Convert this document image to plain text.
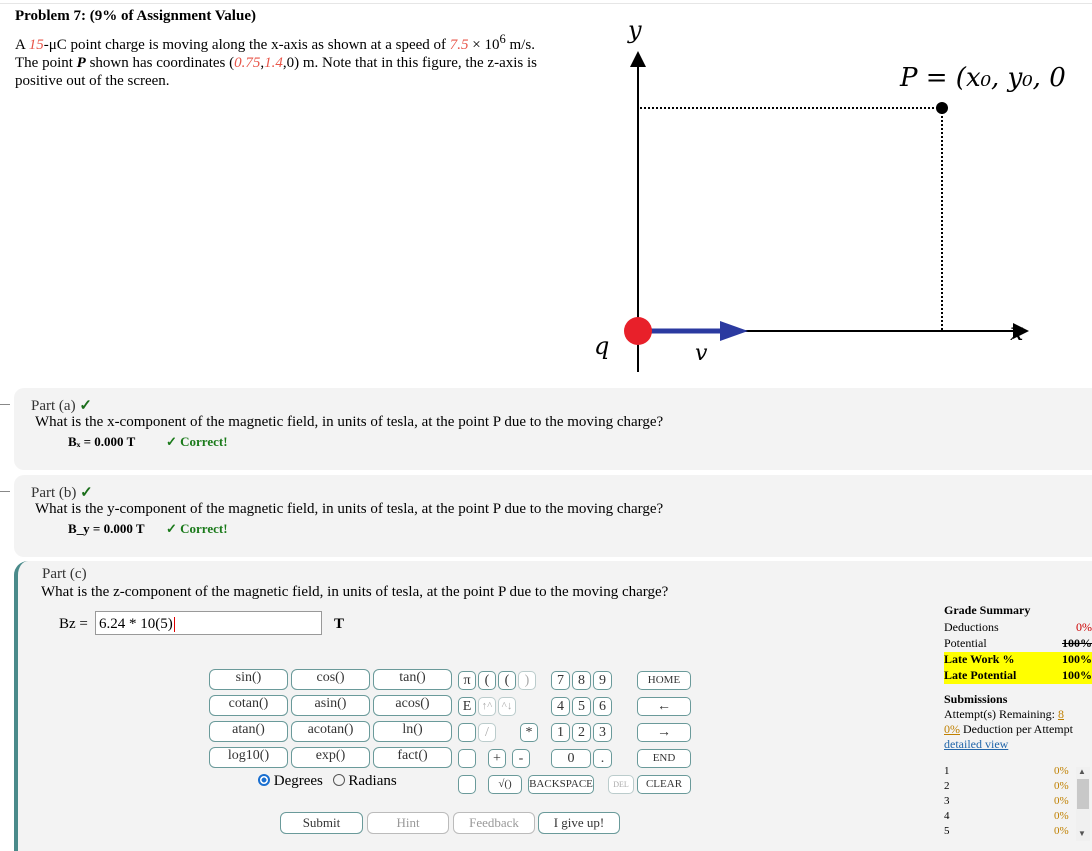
Problem 7: (9% of Assignment Value)
A 15-μC point charge is moving along the x-axis as shown at a speed of $7.5 \times 10^6$ m/s.
The point P shown has coordinates (0.75,1.4,0) m. Note that in this figure, the z-axis is
positive out of the screen.
y
x
q	v
P = (x₀, y₀, 0
Part (a) ✓
What is the x-component of the magnetic field, in units of tesla, at the point P due to the moving charge?
Bₓ = 0.000 T ✓ Correct!
Part (b) ✓
What is the y-component of the magnetic field, in units of tesla, at the point P due to the moving charge?
B_y = 0.000 T ✓ Correct!
Part (c)
What is the z-component of the magnetic field, in units of tesla, at the point P due to the moving charge?
Bz = 6.24 * 10(5)	T
sin()	cos()	tan()
cotan()	asin()	acos()
atan()	acotan()	ln()
log10()	exp()	fact()
Degrees Radians
π	(	(	)
E ↑^ ^↓
/	*
+	-
√()
7	8	9
4	5	6
1	2	3
0	.
BACKSPACE	DEL
HOME
←
→
END
CLEAR
Submit	Hint	Feedback	I give up!
Grade Summary
Deductions	0%
Potential	100%
Late Work %	100%
Late Potential	100%
Submissions
Attempt(s) Remaining: 8
0% Deduction per Attempt
detailed view
1	0%
2	0%
3	0%
4	0%
5	0%
▲
▼
